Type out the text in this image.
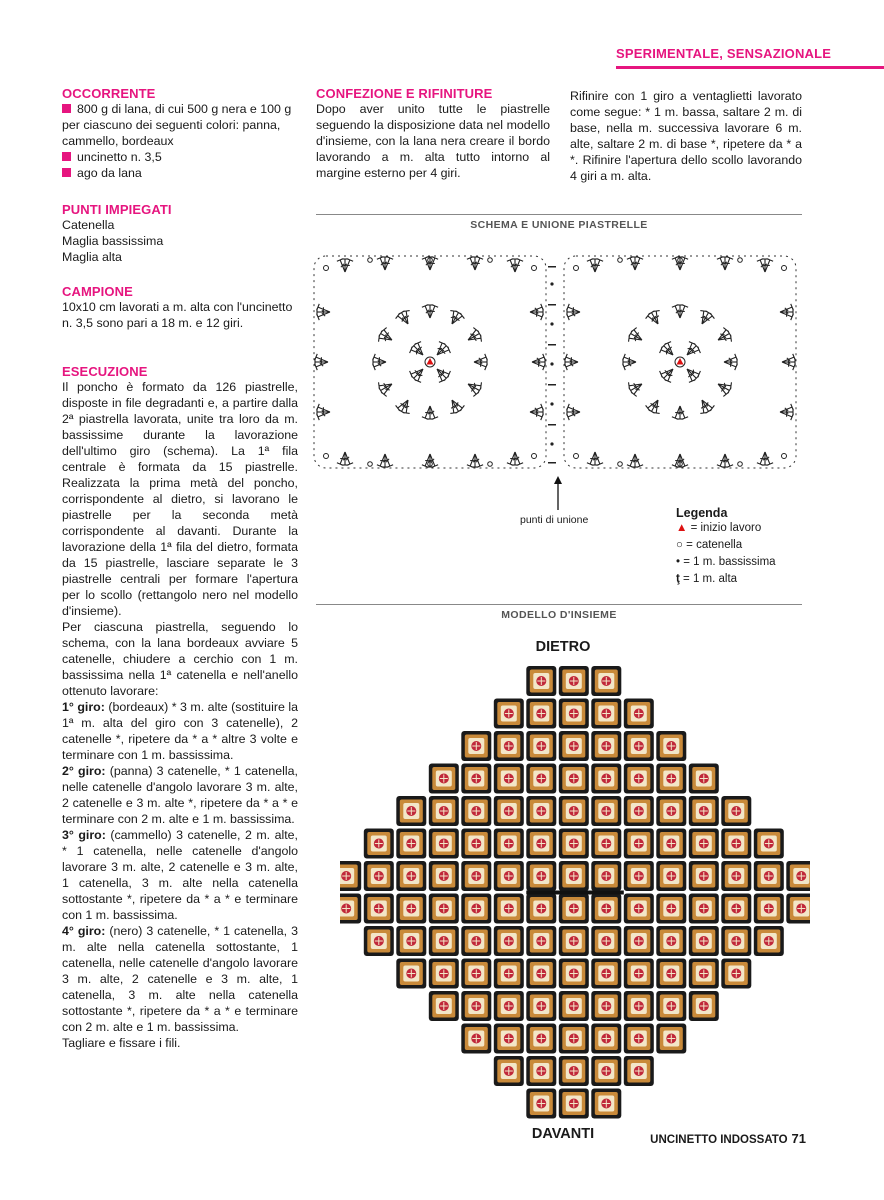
SPERIMENTALE, SENSAZIONALE

OCCORRENTE

800 g di lana, di cui 500 g nera e 100 g per ciascuno dei seguenti colori: panna, cammello, bordeaux

uncinetto n. 3,5

ago da lana

PUNTI IMPIEGATI

Catenella

Maglia bassissima

Maglia alta

CAMPIONE

10x10 cm lavorati a m. alta con l'uncinetto n. 3,5 sono pari a 18 m. e 12 giri.

ESECUZIONE

Il poncho è formato da 126 piastrelle, disposte in file degradanti e, a partire dalla 2ª piastrella lavorata, unite tra loro da m. bassissime durante la lavorazione dell'ultimo giro (schema). La 1ª fila centrale è formata da 15 piastrelle. Realizzata la prima metà del poncho, corrispondente al dietro, si lavorano le piastrelle per la seconda metà corrispondente al davanti. Durante la lavorazione della 1ª fila del dietro, formata da 15 piastrelle, lasciare separate le 3 piastrelle centrali per formare l'apertura per lo scollo (rettangolo nero nel modello d'insieme).

Per ciascuna piastrella, seguendo lo schema, con la lana bordeaux avviare 5 catenelle, chiudere a cerchio con 1 m. bassissima nella 1ª catenella e nell'anello ottenuto lavorare:

1° giro: (bordeaux) * 3 m. alte (sostituire la 1ª m. alta del giro con 3 catenelle), 2 catenelle *, ripetere da * a * altre 3 volte e terminare con 1 m. bassissima.

2° giro: (panna) 3 catenelle, * 1 catenella, nelle catenelle d'angolo lavorare 3 m. alte, 2 catenelle e 3 m. alte *, ripetere da * a * e terminare con 2 m. alte e 1 m. bassissima.

3° giro: (cammello) 3 catenelle, 2 m. alte, * 1 catenella, nelle catenelle d'angolo lavorare 3 m. alte, 2 catenelle e 3 m. alte, 1 catenella, 3 m. alte nella catenella sottostante *, ripetere da * a * e terminare con 1 m. bassissima.

4° giro: (nero) 3 catenelle, * 1 catenella, 3 m. alte nella catenella sottostante, 1 catenella, nelle catenelle d'angolo lavorare 3 m. alte, 2 catenelle e 3 m. alte, 1 catenella, 3 m. alte nella catenella sottostante *, ripetere da * a * e terminare con 2 m. alte e 1 m. bassissima.

Tagliare e fissare i fili.

CONFEZIONE E RIFINITURE

Dopo aver unito tutte le piastrelle seguendo la disposizione data nel modello d'insieme, con la lana nera creare il bordo lavorando a m. alta tutto intorno al margine esterno per 4 giri.

Rifinire con 1 giro a ventaglietti lavorato come segue: * 1 m. bassa, saltare 2 m. di base, nella m. successiva lavorare 6 m. alte, saltare 2 m. di base *, ripetere da * a *. Rifinire l'apertura dello scollo lavorando 4 giri a m. alta.

SCHEMA E UNIONE PIASTRELLE
punti di unione	Legenda
▲ = inizio lavoro
○ = catenella
• = 1 m. bassissima
ţ = 1 m. alta
MODELLO D'INSIEME
DIETRO
DAVANTI	UNCINETTO INDOSSATO 71
